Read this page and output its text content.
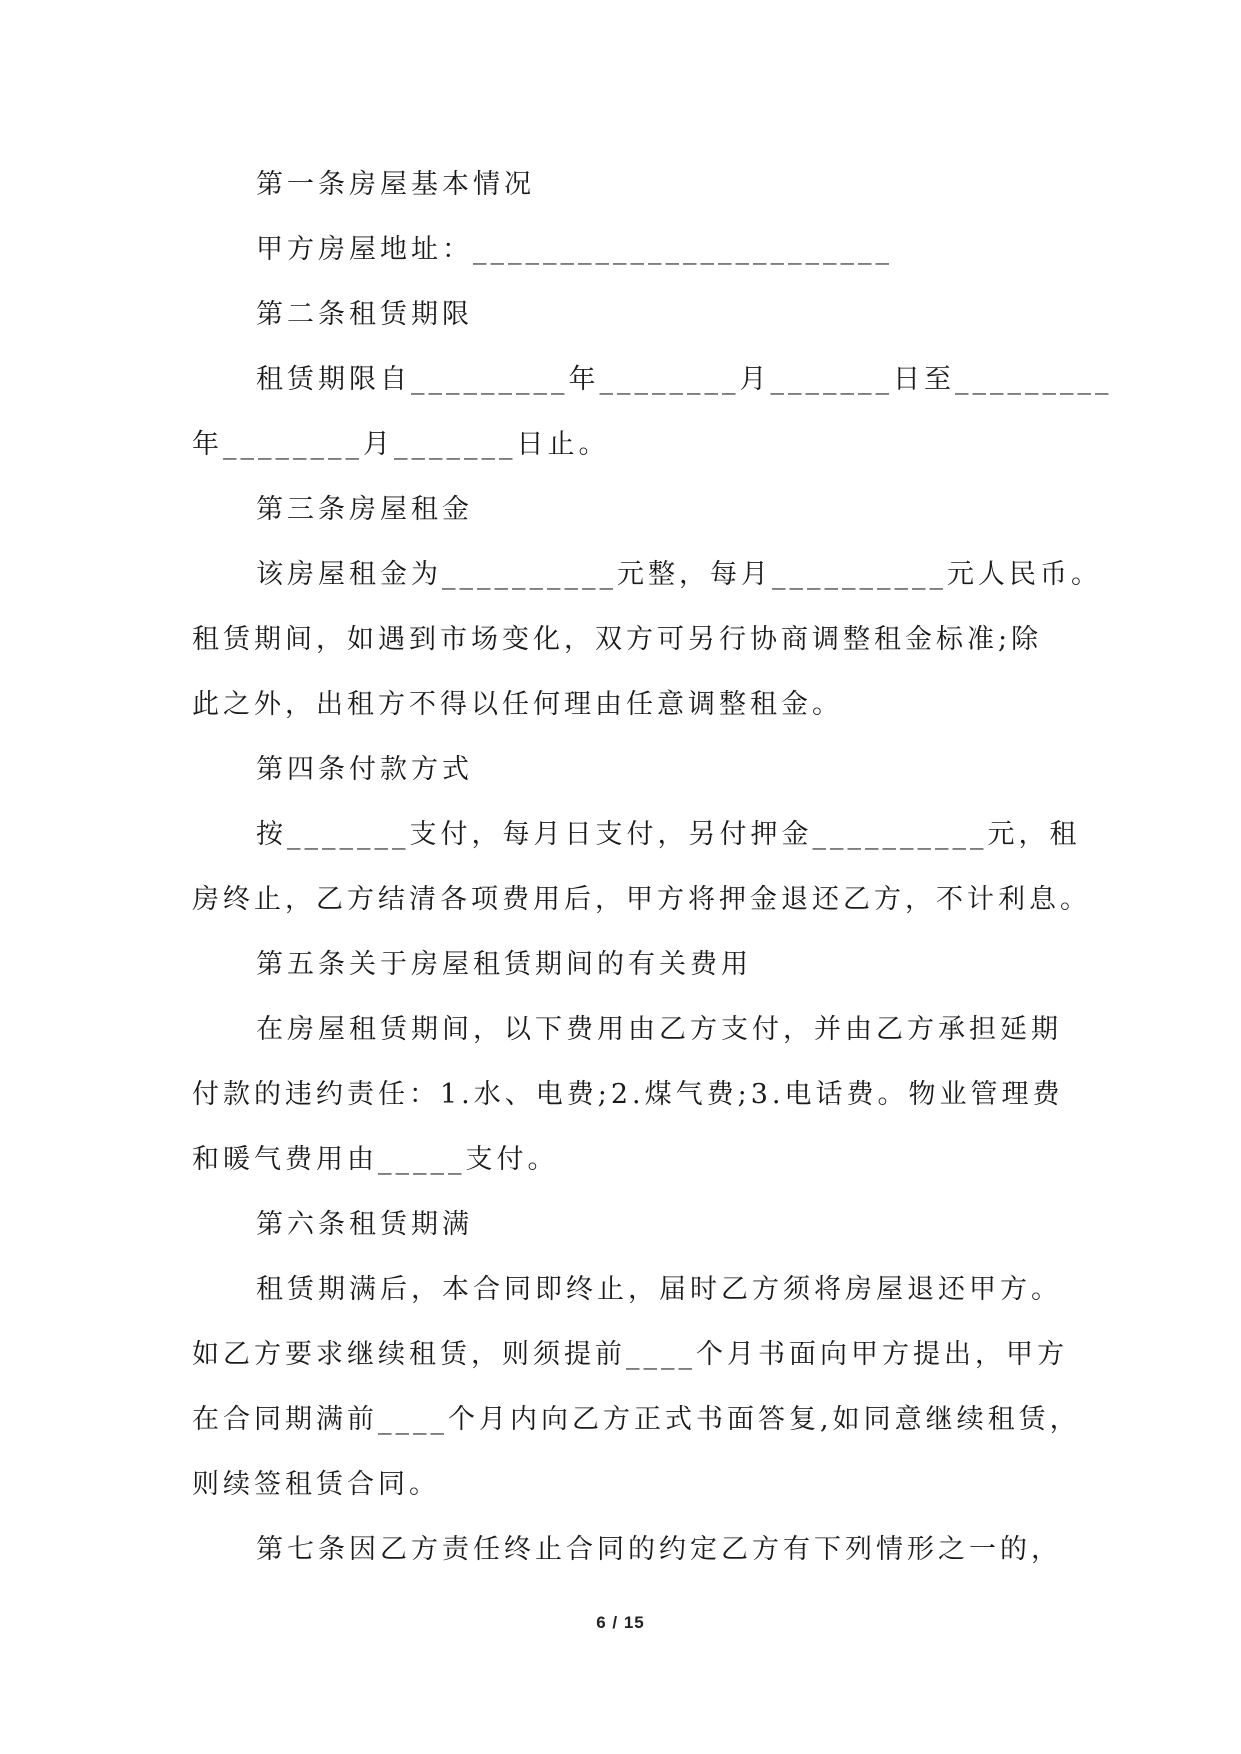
第一条房屋基本情况
甲方房屋地址：________________________
第二条租赁期限
租赁期限自_________年________月_______日至_________
年________月_______日止。
第三条房屋租金
该房屋租金为__________元整，每月__________元人民币。
租赁期间，如遇到市场变化，双方可另行协商调整租金标准;除
此之外，出租方不得以任何理由任意调整租金。
第四条付款方式
按_______支付，每月日支付，另付押金__________元，租
房终止，乙方结清各项费用后，甲方将押金退还乙方，不计利息。
第五条关于房屋租赁期间的有关费用
在房屋租赁期间，以下费用由乙方支付，并由乙方承担延期
付款的违约责任：1.水、电费;2.煤气费;3.电话费。物业管理费
和暖气费用由_____支付。
第六条租赁期满
租赁期满后，本合同即终止，届时乙方须将房屋退还甲方。
如乙方要求继续租赁，则须提前____个月书面向甲方提出，甲方
在合同期满前____个月内向乙方正式书面答复,如同意继续租赁，
则续签租赁合同。
第七条因乙方责任终止合同的约定乙方有下列情形之一的，
6 / 15
